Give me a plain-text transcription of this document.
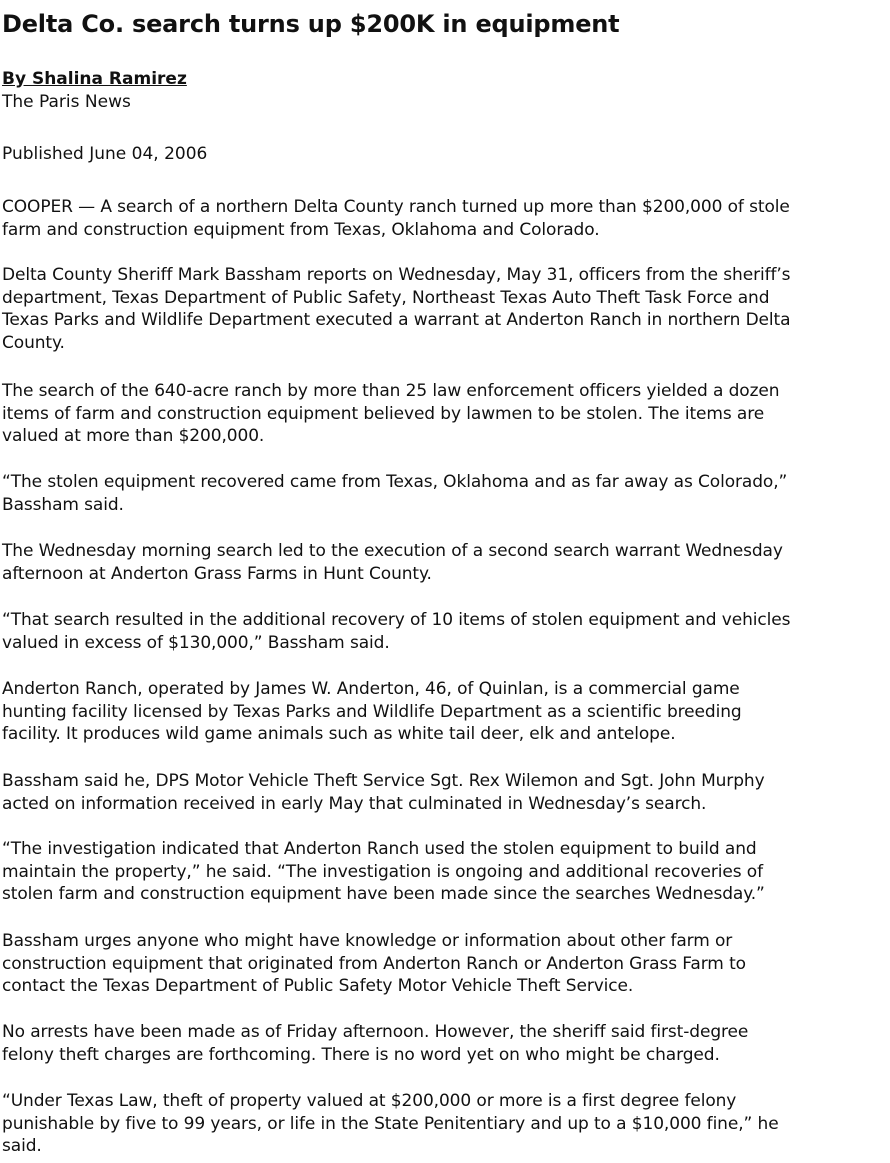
Delta Co. search turns up $200K in equipment
By Shalina Ramirez
The Paris News
Published June 04, 2006

COOPER — A search of a northern Delta County ranch turned up more than $200,000 of stole
farm and construction equipment from Texas, Oklahoma and Colorado.

Delta County Sheriff Mark Bassham reports on Wednesday, May 31, officers from the sheriff’s
department, Texas Department of Public Safety, Northeast Texas Auto Theft Task Force and
Texas Parks and Wildlife Department executed a warrant at Anderton Ranch in northern Delta
County.

The search of the 640-acre ranch by more than 25 law enforcement officers yielded a dozen
items of farm and construction equipment believed by lawmen to be stolen. The items are
valued at more than $200,000.

“The stolen equipment recovered came from Texas, Oklahoma and as far away as Colorado,”
Bassham said.

The Wednesday morning search led to the execution of a second search warrant Wednesday
afternoon at Anderton Grass Farms in Hunt County.

“That search resulted in the additional recovery of 10 items of stolen equipment and vehicles
valued in excess of $130,000,” Bassham said.

Anderton Ranch, operated by James W. Anderton, 46, of Quinlan, is a commercial game
hunting facility licensed by Texas Parks and Wildlife Department as a scientific breeding
facility. It produces wild game animals such as white tail deer, elk and antelope.

Bassham said he, DPS Motor Vehicle Theft Service Sgt. Rex Wilemon and Sgt. John Murphy
acted on information received in early May that culminated in Wednesday’s search.

“The investigation indicated that Anderton Ranch used the stolen equipment to build and
maintain the property,” he said. “The investigation is ongoing and additional recoveries of
stolen farm and construction equipment have been made since the searches Wednesday.”

Bassham urges anyone who might have knowledge or information about other farm or
construction equipment that originated from Anderton Ranch or Anderton Grass Farm to
contact the Texas Department of Public Safety Motor Vehicle Theft Service.

No arrests have been made as of Friday afternoon. However, the sheriff said first-degree
felony theft charges are forthcoming. There is no word yet on who might be charged.

“Under Texas Law, theft of property valued at $200,000 or more is a first degree felony
punishable by five to 99 years, or life in the State Penitentiary and up to a $10,000 fine,” he
said.
